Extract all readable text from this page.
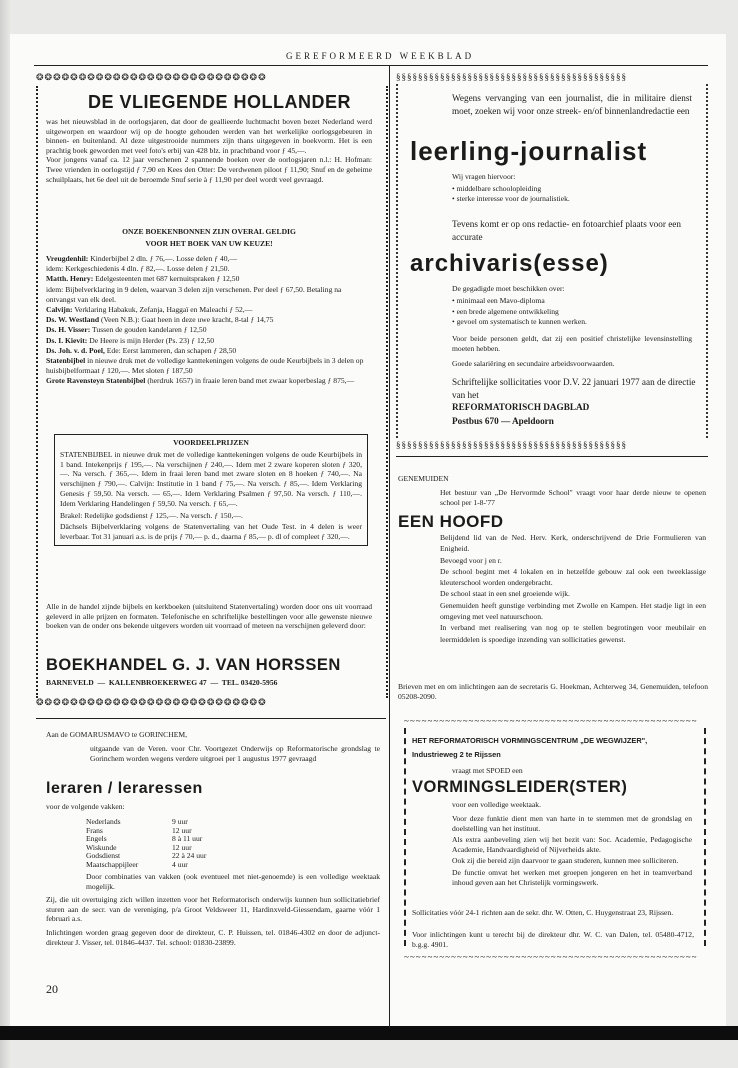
GEREFORMEERD WEEKBLAD
❂❂❂❂❂❂❂❂❂❂❂❂❂❂❂❂❂❂❂❂❂❂❂❂❂❂❂
DE VLIEGENDE HOLLANDER

was het nieuwsblad in de oorlogsjaren, dat door de geallieerde luchtmacht boven bezet Nederland werd uitgeworpen en waardoor wij op de hoogte gehouden werden van het werkelijke oorlogsgebeuren in binnen- en buitenland. Al deze uitgestrooide nummers zijn thans uitgegeven in boekvorm. Het is een prachtig boek geworden met veel foto's erbij van 428 blz. in prachtband voor ƒ 45,—.

Voor jongens vanaf ca. 12 jaar verschenen 2 spannende boeken over de oorlogsjaren n.l.: H. Hofman: Twee vrienden in oorlogstijd ƒ 7,90 en Kees den Otter: De verdwenen piloot ƒ 11,90; Snuf en de geheime schuilplaats, het 6e deel uit de beroemde Snuf serie à ƒ 11,90 per deel wordt veel gevraagd.

ONZE BOEKENBONNEN ZIJN OVERAL GELDIG
VOOR HET BOEK VAN UW KEUZE!
Vreugdenhil: Kinderbijbel 2 dln. ƒ 76,—. Losse delen ƒ 40,—
idem: Kerkgeschiedenis 4 dln. ƒ 82,—. Losse delen ƒ 21,50.
Matth. Henry: Edelgesteenten met 687 kernuitspraken ƒ 12,50
idem: Bijbelverklaring in 9 delen, waarvan 3 delen zijn verschenen. Per deel ƒ 67,50. Betaling na ontvangst van elk deel.
Calvijn: Verklaring Habakuk, Zefanja, Haggaï en Maleachi ƒ 52,—
Ds. W. Westland (Veen N.B.): Gaat heen in deze uwe kracht, 8-tal ƒ 14,75
Ds. H. Visser: Tussen de gouden kandelaren ƒ 12,50
Ds. I. Kievit: De Heere is mijn Herder (Ps. 23) ƒ 12,50
Ds. Joh. v. d. Poel, Ede: Eerst lammeren, dan schapen ƒ 28,50
Statenbijbel in nieuwe druk met de volledige kanttekeningen volgens de oude Keurbijbels in 3 delen op huisbijbelformaat ƒ 120,—. Met sloten ƒ 187,50
Grote Ravensteyn Statenbijbel (herdruk 1657) in fraaie leren band met zwaar koperbeslag ƒ 875,—
VOORDEELPRIJZEN

STATENBIJBEL in nieuwe druk met de volledige kanttekeningen volgens de oude Keurbijbels in 1 band. Intekenprijs ƒ 195,—. Na verschijnen ƒ 240,—. Idem met 2 zware koperen sloten ƒ 320,—. Na versch. ƒ 365,—. Idem in fraai leren band met zware sloten en 8 hoeken ƒ 740,—. Na verschijnen ƒ 790,—. Calvijn: Institutie in 1 band ƒ 75,—. Na versch. ƒ 85,—. Idem Verklaring Genesis ƒ 59,50. Na versch. — 65,—. Idem Verklaring Psalmen ƒ 97,50. Na versch. ƒ 110,—. Idem Verklaring Handelingen ƒ 59,50. Na versch. ƒ 65,—.

Brakel: Redelijke godsdienst ƒ 125,—. Na versch. ƒ 150,—.

Dächsels Bijbelverklaring volgens de Statenvertaling van het Oude Test. in 4 delen is weer leverbaar. Tot 31 januari a.s. is de prijs ƒ 70,— p. d., daarna ƒ 85,— p. dl of compleet ƒ 320,—.

Alle in de handel zijnde bijbels en kerkboeken (uitsluitend Statenvertaling) worden door ons uit voorraad geleverd in alle prijzen en formaten. Telefonische en schriftelijke bestellingen voor alle gewenste nieuwe boeken van de onder ons bekende uitgevers worden uit voorraad of meteen na verschijnen geleverd door:
BOEKHANDEL G. J. VAN HORSSEN
BARNEVELD  —  KALLENBROEKERWEG 47  —  TEL. 03420-5956
❂❂❂❂❂❂❂❂❂❂❂❂❂❂❂❂❂❂❂❂❂❂❂❂❂❂❂
Aan de GOMARUSMAVO te GORINCHEM,
uitgaande van de Veren. voor Chr. Voortgezet Onderwijs op Reformatorische grondslag te Gorinchem worden wegens verdere uitgroei per 1 augustus 1977 gevraagd
leraren / leraressen
voor de volgende vakken:
Nederlands	9 uur
Frans	12 uur
Engels	8 à 11 uur
Wiskunde	12 uur
Godsdienst	22 à 24 uur
Maatschappijleer	4 uur
Door combinaties van vakken (ook eventueel met niet-genoemde) is een volledige weektaak mogelijk.
Zij, die uit overtuiging zich willen inzetten voor het Reformatorisch onderwijs kunnen hun sollicitatiebrief sturen aan de secr. van de vereniging, p/a Groot Veldsweer 11, Hardinxveld-Giessendam, gaarne vóór 1 februari a.s.
Inlichtingen worden graag gegeven door de direkteur, C. P. Huissen, tel. 01846-4302 en door de adjunct-direkteur J. Visser, tel. 01846-4437. Tel. school: 01830-23899.
20
§§§§§§§§§§§§§§§§§§§§§§§§§§§§§§§§§§§§§§§§§§
Wegens vervanging van een journalist, die in militaire dienst moet, zoeken wij voor onze streek- en/of binnenlandredactie een
leerling-journalist
Wij vragen hiervoor:
• middelbare schoolopleiding
• sterke interesse voor de journalistiek.
Tevens komt er op ons redactie- en fotoarchief plaats voor een accurate
archivaris(esse)
De gegadigde moet beschikken over:
• minimaal een Mavo-diploma
• een brede algemene ontwikkeling
• gevoel om systematisch te kunnen werken.
Voor beide personen geldt, dat zij een positief christelijke levensinstelling moeten hebben.
Goede salariëring en secundaire arbeidsvoorwaarden.
Schriftelijke sollicitaties voor D.V. 22 januari 1977 aan de directie van het
REFORMATORISCH DAGBLAD
Postbus 670 — Apeldoorn
§§§§§§§§§§§§§§§§§§§§§§§§§§§§§§§§§§§§§§§§§§
GENEMUIDEN
Het bestuur van „De Hervormde School" vraagt voor haar derde nieuw te openen school per 1-8-'77
EEN HOOFD

Belijdend lid van de Ned. Herv. Kerk, onderschrijvend de Drie Formulieren van Enigheid.

Bevoegd voor j en r.

De school begint met 4 lokalen en in hetzelfde gebouw zal ook een tweeklassige kleuterschool worden ondergebracht.

De school staat in een snel groeiende wijk.

Genemuiden heeft gunstige verbinding met Zwolle en Kampen. Het stadje ligt in een omgeving met veel natuurschoon.

In verband met realisering van nog op te stellen begrotingen voor meubilair en leermiddelen is spoedige inzending van sollicitaties gewenst.

Brieven met en om inlichtingen aan de secretaris G. Hoekman, Achterweg 34, Genemuiden, telefoon 05208-2090.
~~~~~~~~~~~~~~~~~~~~~~~~~~~~~~~~~~~~~~~~~~~~~~~~~~
HET REFORMATORISCH VORMINGSCENTRUM „DE WEGWIJZER",
Industrieweg 2 te Rijssen
vraagt met SPOED een
VORMINGSLEIDER(STER)
voor een volledige weektaak.

Voor deze funktie dient men van harte in te stemmen met de grondslag en doelstelling van het instituut.

Als extra aanbeveling zien wij het bezit van: Soc. Academie, Pedagogische Academie, Handvaardigheid of Nijverheids akte.

Ook zij die bereid zijn daarvoor te gaan studeren, kunnen mee solliciteren.

De functie omvat het werken met groepen jongeren en het in teamverband inhoud geven aan het Christelijk vormingswerk.

Sollicitaties vóór 24-1 richten aan de sekr. dhr. W. Otten, C. Huygenstraat 23, Rijssen.
Voor inlichtingen kunt u terecht bij de direkteur dhr. W. C. van Dalen, tel. 05480-4712, b.g.g. 4901.
~~~~~~~~~~~~~~~~~~~~~~~~~~~~~~~~~~~~~~~~~~~~~~~~~~
